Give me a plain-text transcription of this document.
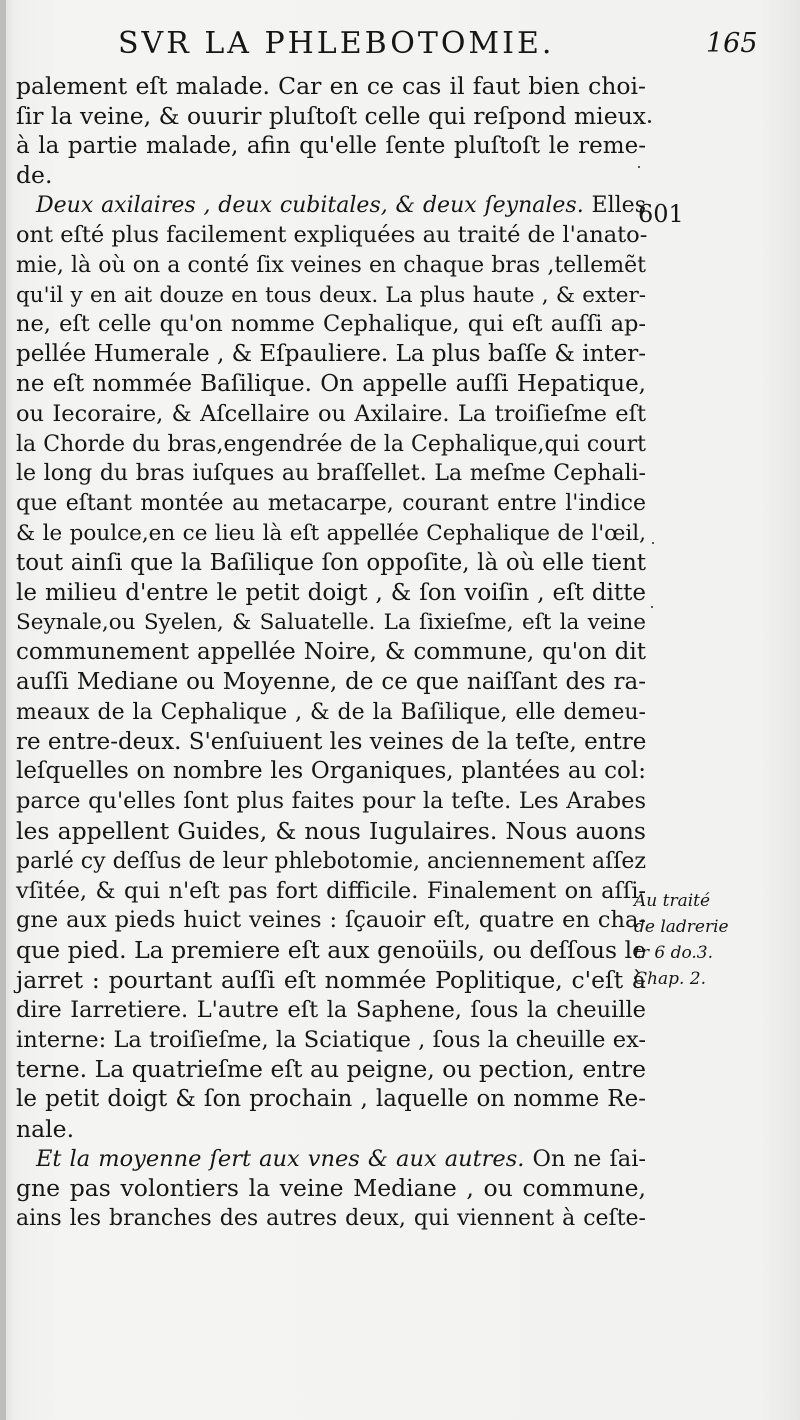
SVR LA PHLEBOTOMIE.	165
palement eſt malade. Car en ce cas il faut bien choi-
ſir la veine, & ouurir pluſtoſt celle qui reſpond mieux
à la partie malade, afin qu'elle ſente pluſtoſt le reme-
de.
Deux axilaires , deux cubitales, & deux ſeynales. Elles
ont eſté plus facilement expliquées au traité de l'anato-
mie, là où on a conté ſix veines en chaque bras ,tellemẽt
qu'il y en ait douze en tous deux. La plus haute , & exter-
ne, eſt celle qu'on nomme Cephalique, qui eſt auſſi ap-
pellée Humerale , & Eſpauliere. La plus baſſe & inter-
ne eſt nommée Baſilique. On appelle auſſi Hepatique,
ou Iecoraire, & Aſcellaire ou Axilaire. La troiſieſme eſt
la Chorde du bras,engendrée de la Cephalique,qui court
le long du bras iuſques au braſſellet. La meſme Cephali-
que eſtant montée au metacarpe, courant entre l'indice
& le poulce,en ce lieu là eſt appellée Cephalique de l'œil,
tout ainſi que la Baſilique ſon oppoſite, là où elle tient
le milieu d'entre le petit doigt , & ſon voiſin , eſt ditte
Seynale,ou Syelen, & Saluatelle. La ſixieſme, eſt la veine
communement appellée Noire, & commune, qu'on dit
auſſi Mediane ou Moyenne, de ce que naiſſant des ra-
meaux de la Cephalique , & de la Baſilique, elle demeu-
re entre-deux. S'enſuiuent les veines de la teſte, entre
leſquelles on nombre les Organiques, plantées au col:
parce qu'elles ſont plus faites pour la teſte. Les Arabes
les appellent Guides, & nous Iugulaires. Nous auons
parlé cy deſſus de leur phlebotomie, anciennement aſſez
vſitée, & qui n'eſt pas fort difficile. Finalement on aſſi-
gne aux pieds huict veines : ſçauoir eſt, quatre en cha-
que pied. La premiere eſt aux genoüils, ou deſſous le
jarret : pourtant auſſi eſt nommée Poplitique, c'eſt à
dire Iarretiere. L'autre eſt la Saphene, ſous la cheuille
interne: La troiſieſme, la Sciatique , ſous la cheuille ex-
terne. La quatrieſme eſt au peigne, ou pection, entre
le petit doigt & ſon prochain , laquelle on nomme Re-
nale.
Et la moyenne ſert aux vnes & aux autres. On ne ſai-
gne pas volontiers la veine Mediane , ou commune,
ains les branches des autres deux, qui viennent à ceſte-
601
Au traité
de ladrerie
tr 6 do.3.
Chap. 2.
